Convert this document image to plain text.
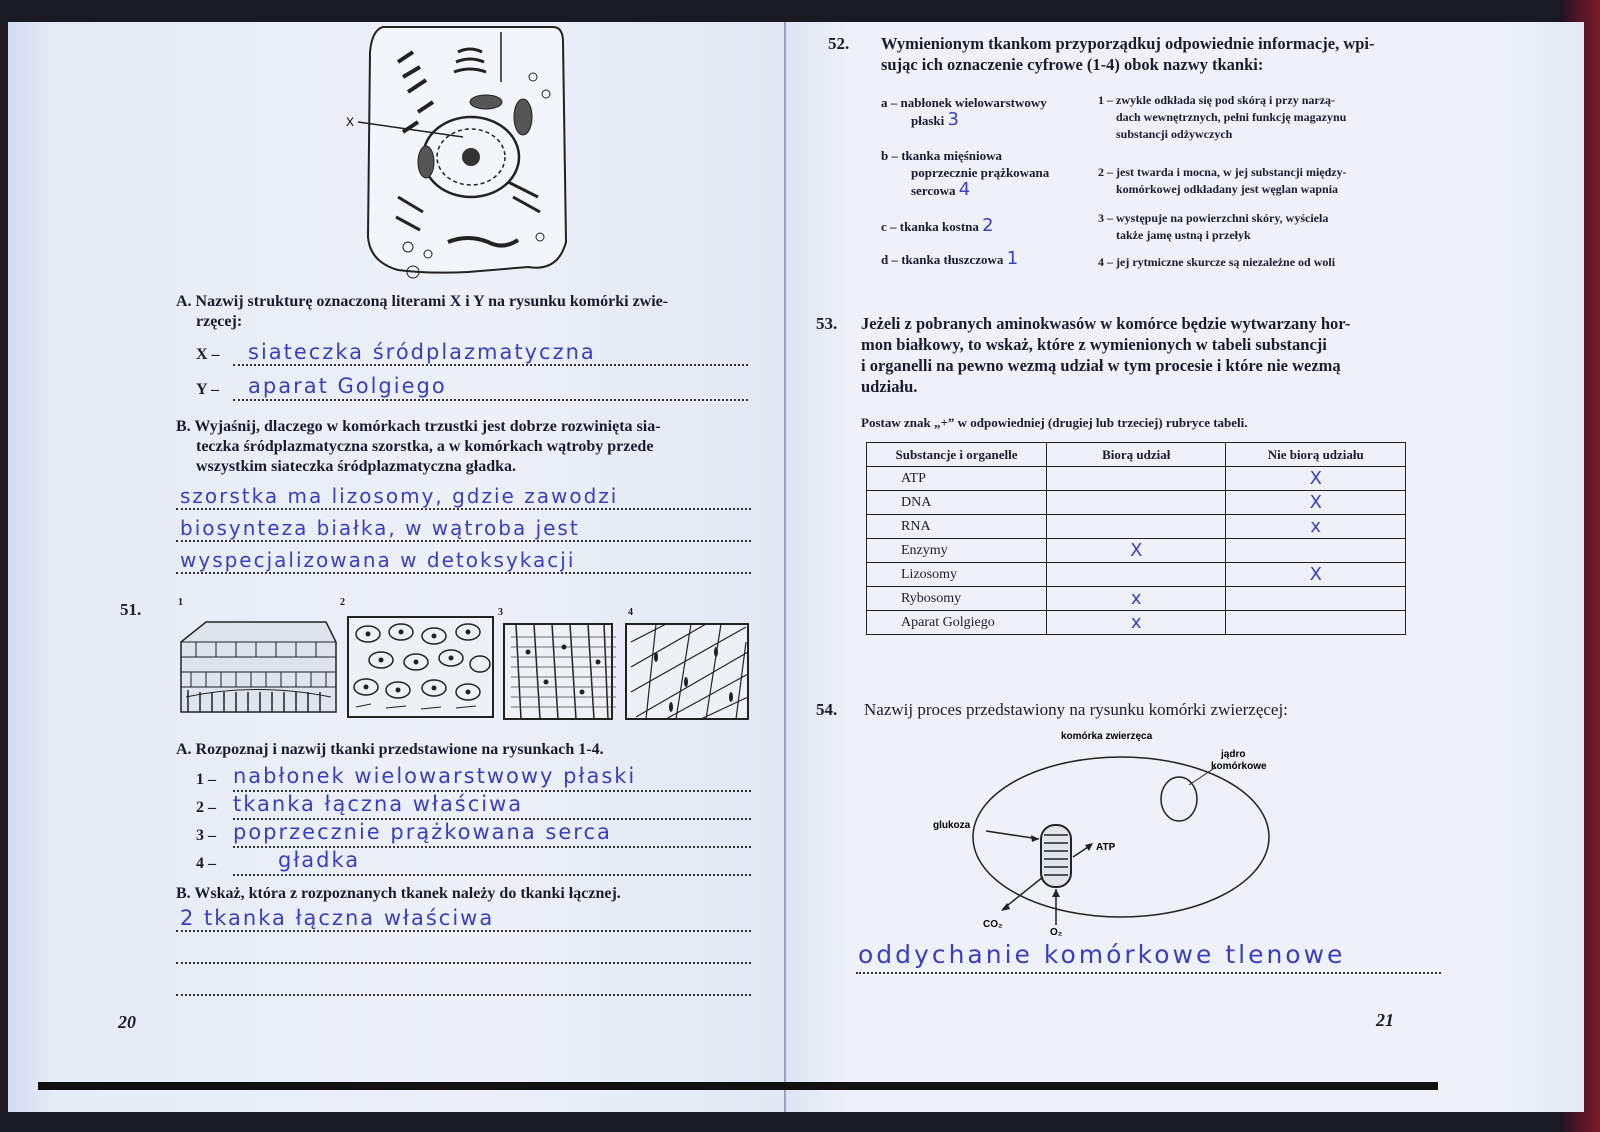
X
A. Nazwij strukturę oznaczoną literami X i Y na rysunku komórki zwie-
rzęcej:
X – siateczka śródplazmatyczna
Y – aparat Golgiego
B. Wyjaśnij, dlaczego w komórkach trzustki jest dobrze rozwinięta sia-
teczka śródplazmatyczna szorstka, a w komórkach wątroby przede
wszystkim siateczka śródplazmatyczna gładka.
szorstka ma lizosomy, gdzie zawodzi
biosynteza białka, w wątroba jest
wyspecjalizowana w detoksykacji
51.	1	2
3	4
A. Rozpoznaj i nazwij tkanki przedstawione na rysunkach 1-4.
1 – nabłonek wielowarstwowy płaski
2 – tkanka łączna właściwa
3 – poprzecznie prążkowana serca
4 –	gładka
B. Wskaż, która z rozpoznanych tkanek należy do tkanki łącznej.
2 tkanka łączna właściwa
20
52. Wymienionym tkankom przyporządkuj odpowiednie informacje, wpi-
sując ich oznaczenie cyfrowe (1-4) obok nazwy tkanki:
a – nabłonek wielowarstwowy
płaski 3
b – tkanka mięśniowa
poprzecznie prążkowana
sercowa 4
c – tkanka kostna 2
d – tkanka tłuszczowa 1
1 – zwykle odkłada się pod skórą i przy narzą-
dach wewnętrznych, pełni funkcję magazynu
substancji odżywczych
2 – jest twarda i mocna, w jej substancji między-
komórkowej odkładany jest węglan wapnia
3 – występuje na powierzchni skóry, wyściela
także jamę ustną i przełyk
4 – jej rytmiczne skurcze są niezależne od woli
53. Jeżeli z pobranych aminokwasów w komórce będzie wytwarzany hor-
mon białkowy, to wskaż, które z wymienionych w tabeli substancji
i organelli na pewno wezmą udział w tym procesie i które nie wezmą
udziału.
Postaw znak „+” w odpowiedniej (drugiej lub trzeciej) rubryce tabeli.
Substancje i organelle	Biorą udział	Nie biorą udziału
ATP		X
DNA		X
RNA		x
Enzymy	X	
Lizosomy		X
Rybosomy	x	
Aparat Golgiego	x	
54. Nazwij proces przedstawiony na rysunku komórki zwierzęcej:
komórka zwierzęca
jądro
komórkowe
glukoza
ATP
CO₂
O₂
oddychanie komórkowe tlenowe
21
